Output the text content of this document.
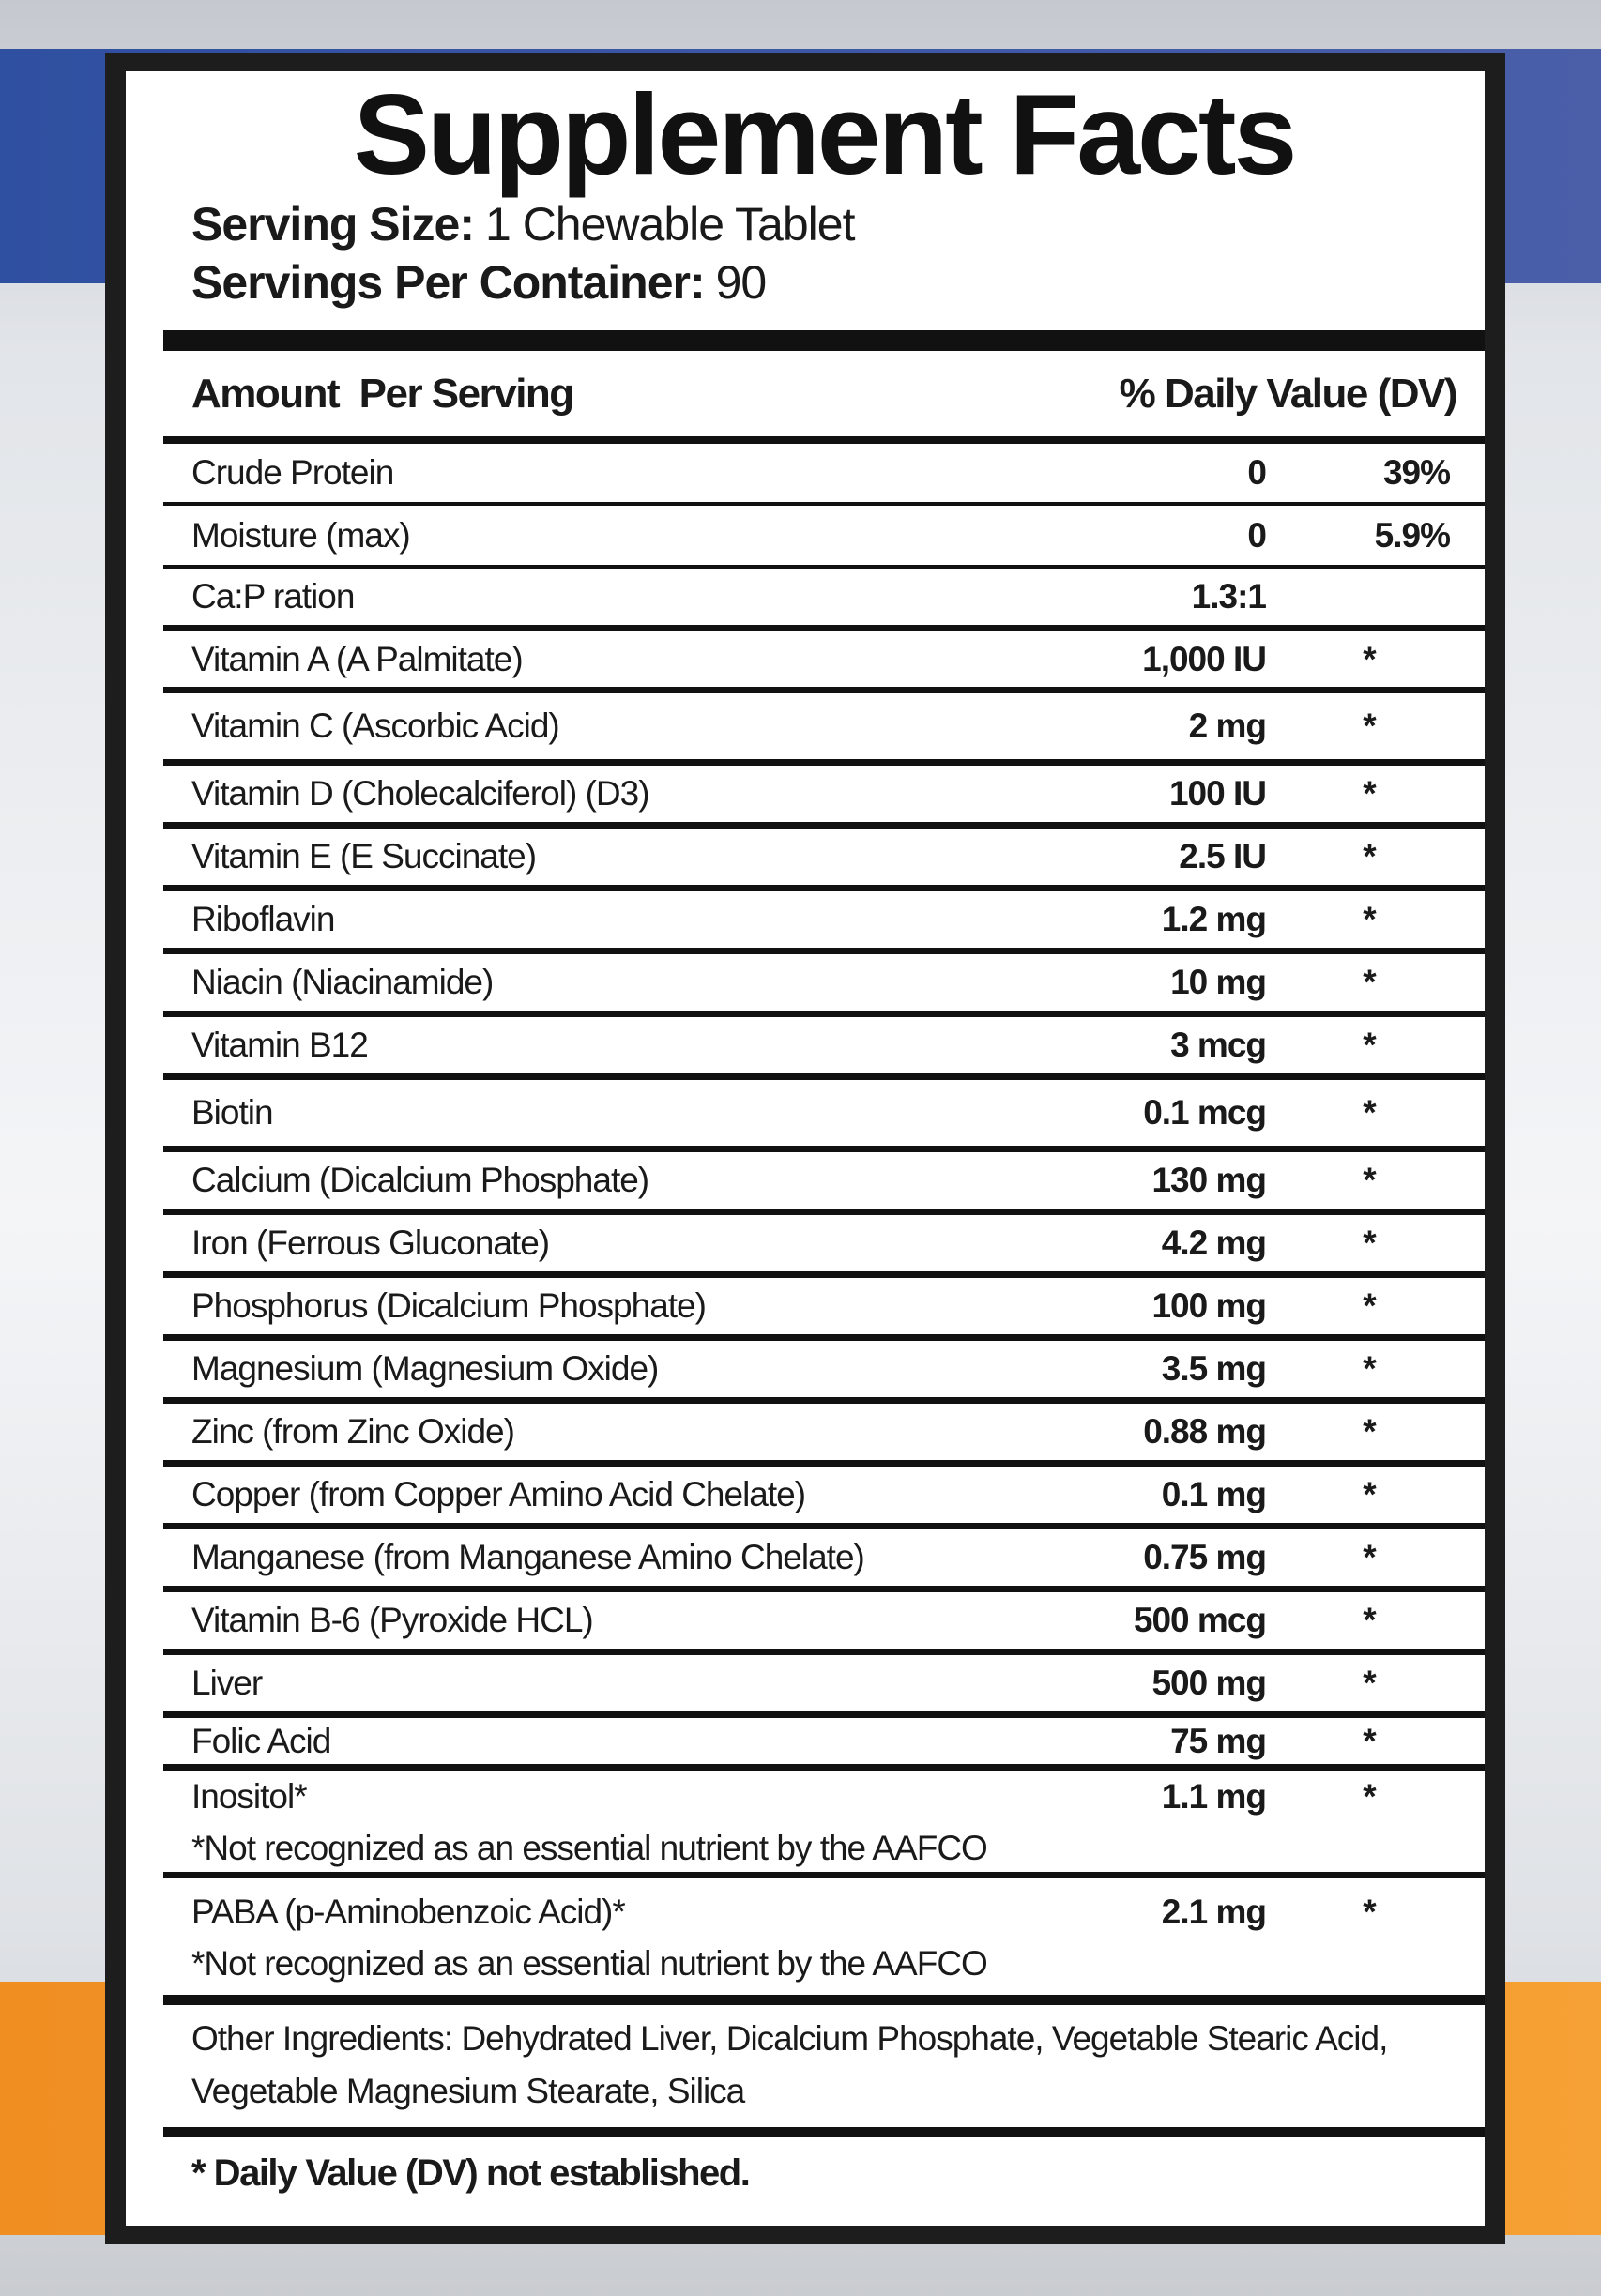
Supplement Facts
Serving Size: 1 Chewable Tablet
Servings Per Container: 90
Amount  Per Serving	% Daily Value (DV)
Crude Protein	0	39%
Moisture (max)	0	5.9%
Ca:P ration	1.3:1
Vitamin A (A Palmitate)	1,000 IU	*
Vitamin C (Ascorbic Acid)	2 mg	*
Vitamin D (Cholecalciferol) (D3)	100 IU	*
Vitamin E (E Succinate)	2.5 IU	*
Riboflavin	1.2 mg	*
Niacin (Niacinamide)	10 mg	*
Vitamin B12	3 mcg	*
Biotin	0.1 mcg	*
Calcium (Dicalcium Phosphate)	130 mg	*
Iron (Ferrous Gluconate)	4.2 mg	*
Phosphorus (Dicalcium Phosphate)	100 mg	*
Magnesium (Magnesium Oxide)	3.5 mg	*
Zinc (from Zinc Oxide)	0.88 mg	*
Copper (from Copper Amino Acid Chelate)	0.1 mg	*
Manganese (from Manganese Amino Chelate)	0.75 mg	*
Vitamin B-6 (Pyroxide HCL)	500 mcg	*
Liver	500 mg	*
Folic Acid	75 mg	*
Inositol*	1.1 mg	*
*Not recognized as an essential nutrient by the AAFCO
PABA (p-Aminobenzoic Acid)*	2.1 mg	*
*Not recognized as an essential nutrient by the AAFCO
Other Ingredients: Dehydrated Liver, Dicalcium Phosphate, Vegetable Stearic Acid, Vegetable Magnesium Stearate, Silica
* Daily Value (DV) not established.
